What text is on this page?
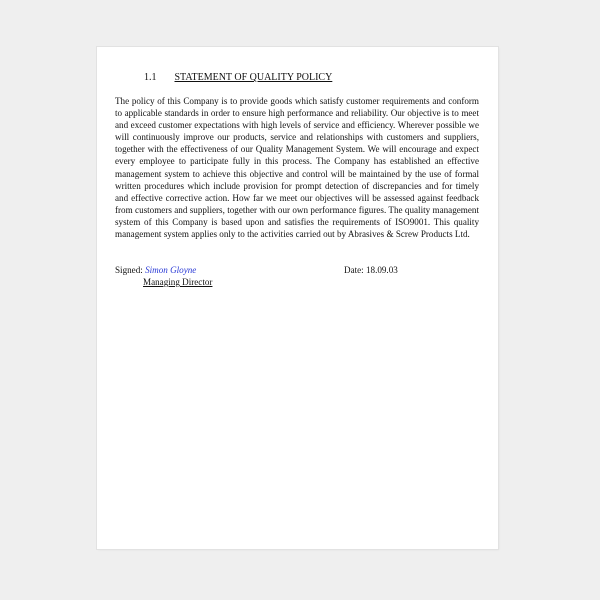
1.1 STATEMENT OF QUALITY POLICY
The policy of this Company is to provide goods which satisfy customer requirements and conform to applicable standards in order to ensure high performance and reliability. Our objective is to meet and exceed customer expectations with high levels of service and efficiency. Wherever possible we will continuously improve our products, service and relationships with customers and suppliers, together with the effectiveness of our Quality Management System. We will encourage and expect every employee to participate fully in this process. The Company has established an effective management system to achieve this objective and control will be maintained by the use of formal written procedures which include provision for prompt detection of discrepancies and for timely and effective corrective action. How far we meet our objectives will be assessed against feedback from customers and suppliers, together with our own performance figures. The quality management system of this Company is based upon and satisfies the requirements of ISO9001. This quality management system applies only to the activities carried out by Abrasives & Screw Products Ltd.
Signed: Simon Gloyne
Managing Director
Date: 18.09.03
